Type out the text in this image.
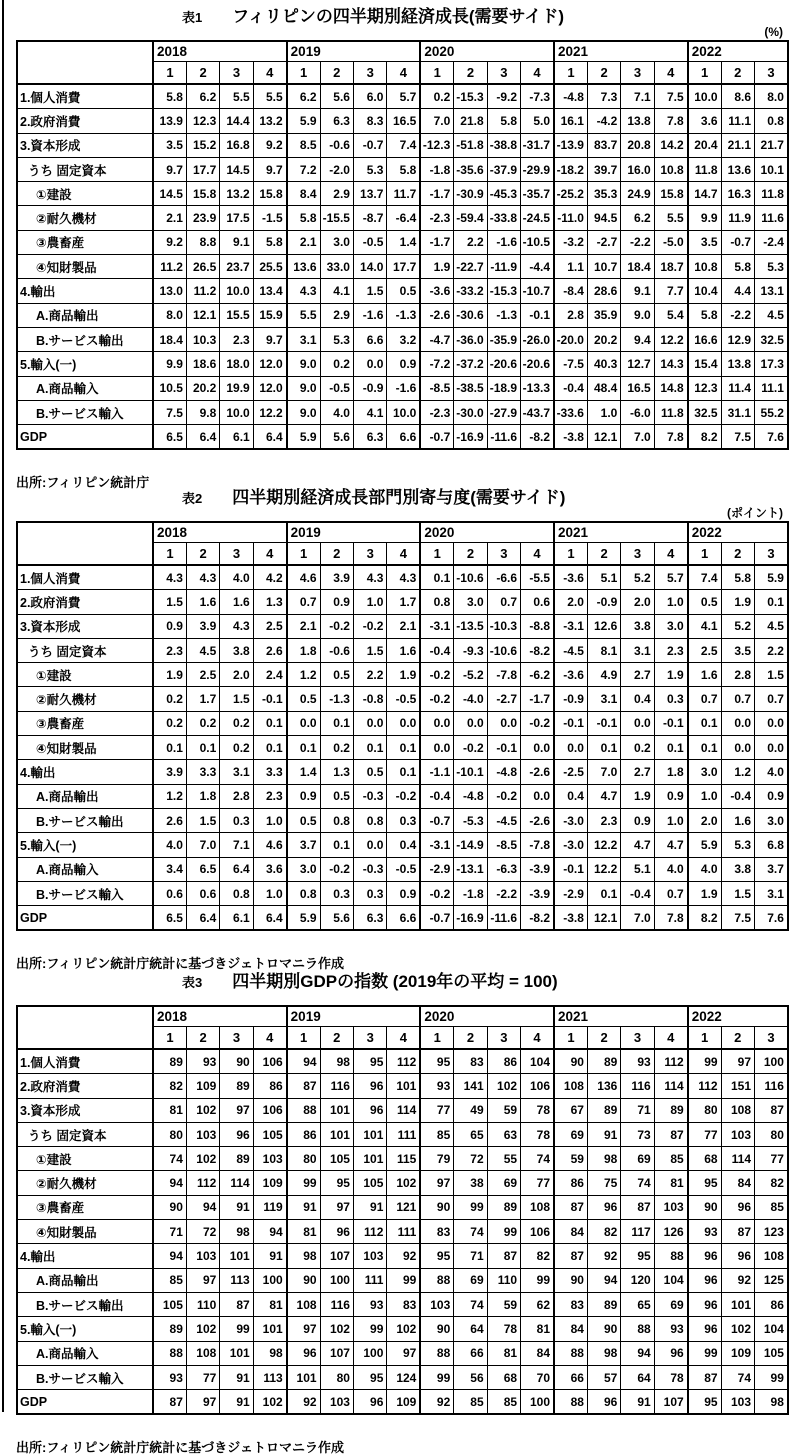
表1 フィリピンの四半期別経済成長(需要サイド)
(%)
	2018				2019				2020				2021				2022		
	1	2	3	4	1	2	3	4	1	2	3	4	1	2	3	4	1	2	3
1.個人消費	5.8	6.2	5.5	5.5	6.2	5.6	6.0	5.7	0.2	-15.3	-9.2	-7.3	-4.8	7.3	7.1	7.5	10.0	8.6	8.0
2.政府消費	13.9	12.3	14.4	13.2	5.9	6.3	8.3	16.5	7.0	21.8	5.8	5.0	16.1	-4.2	13.8	7.8	3.6	11.1	0.8
3.資本形成	3.5	15.2	16.8	9.2	8.5	-0.6	-0.7	7.4	-12.3	-51.8	-38.8	-31.7	-13.9	83.7	20.8	14.2	20.4	21.1	21.7
うち 固定資本	9.7	17.7	14.5	9.7	7.2	-2.0	5.3	5.8	-1.8	-35.6	-37.9	-29.9	-18.2	39.7	16.0	10.8	11.8	13.6	10.1
①建設	14.5	15.8	13.2	15.8	8.4	2.9	13.7	11.7	-1.7	-30.9	-45.3	-35.7	-25.2	35.3	24.9	15.8	14.7	16.3	11.8
②耐久機材	2.1	23.9	17.5	-1.5	5.8	-15.5	-8.7	-6.4	-2.3	-59.4	-33.8	-24.5	-11.0	94.5	6.2	5.5	9.9	11.9	11.6
③農畜産	9.2	8.8	9.1	5.8	2.1	3.0	-0.5	1.4	-1.7	2.2	-1.6	-10.5	-3.2	-2.7	-2.2	-5.0	3.5	-0.7	-2.4
④知財製品	11.2	26.5	23.7	25.5	13.6	33.0	14.0	17.7	1.9	-22.7	-11.9	-4.4	1.1	10.7	18.4	18.7	10.8	5.8	5.3
4.輸出	13.0	11.2	10.0	13.4	4.3	4.1	1.5	0.5	-3.6	-33.2	-15.3	-10.7	-8.4	28.6	9.1	7.7	10.4	4.4	13.1
A.商品輸出	8.0	12.1	15.5	15.9	5.5	2.9	-1.6	-1.3	-2.6	-30.6	-1.3	-0.1	2.8	35.9	9.0	5.4	5.8	-2.2	4.5
B.サービス輸出	18.4	10.3	2.3	9.7	3.1	5.3	6.6	3.2	-4.7	-36.0	-35.9	-26.0	-20.0	20.2	9.4	12.2	16.6	12.9	32.5
5.輸入(一)	9.9	18.6	18.0	12.0	9.0	0.2	0.0	0.9	-7.2	-37.2	-20.6	-20.6	-7.5	40.3	12.7	14.3	15.4	13.8	17.3
A.商品輸入	10.5	20.2	19.9	12.0	9.0	-0.5	-0.9	-1.6	-8.5	-38.5	-18.9	-13.3	-0.4	48.4	16.5	14.8	12.3	11.4	11.1
B.サービス輸入	7.5	9.8	10.0	12.2	9.0	4.0	4.1	10.0	-2.3	-30.0	-27.9	-43.7	-33.6	1.0	-6.0	11.8	32.5	31.1	55.2
GDP	6.5	6.4	6.1	6.4	5.9	5.6	6.3	6.6	-0.7	-16.9	-11.6	-8.2	-3.8	12.1	7.0	7.8	8.2	7.5	7.6
出所:フィリピン統計庁
表2 四半期別経済成長部門別寄与度(需要サイド)
(ポイント)
	2018				2019				2020				2021				2022		
	1	2	3	4	1	2	3	4	1	2	3	4	1	2	3	4	1	2	3
1.個人消費	4.3	4.3	4.0	4.2	4.6	3.9	4.3	4.3	0.1	-10.6	-6.6	-5.5	-3.6	5.1	5.2	5.7	7.4	5.8	5.9
2.政府消費	1.5	1.6	1.6	1.3	0.7	0.9	1.0	1.7	0.8	3.0	0.7	0.6	2.0	-0.9	2.0	1.0	0.5	1.9	0.1
3.資本形成	0.9	3.9	4.3	2.5	2.1	-0.2	-0.2	2.1	-3.1	-13.5	-10.3	-8.8	-3.1	12.6	3.8	3.0	4.1	5.2	4.5
うち 固定資本	2.3	4.5	3.8	2.6	1.8	-0.6	1.5	1.6	-0.4	-9.3	-10.6	-8.2	-4.5	8.1	3.1	2.3	2.5	3.5	2.2
①建設	1.9	2.5	2.0	2.4	1.2	0.5	2.2	1.9	-0.2	-5.2	-7.8	-6.2	-3.6	4.9	2.7	1.9	1.6	2.8	1.5
②耐久機材	0.2	1.7	1.5	-0.1	0.5	-1.3	-0.8	-0.5	-0.2	-4.0	-2.7	-1.7	-0.9	3.1	0.4	0.3	0.7	0.7	0.7
③農畜産	0.2	0.2	0.2	0.1	0.0	0.1	0.0	0.0	0.0	0.0	0.0	-0.2	-0.1	-0.1	0.0	-0.1	0.1	0.0	0.0
④知財製品	0.1	0.1	0.2	0.1	0.1	0.2	0.1	0.1	0.0	-0.2	-0.1	0.0	0.0	0.1	0.2	0.1	0.1	0.0	0.0
4.輸出	3.9	3.3	3.1	3.3	1.4	1.3	0.5	0.1	-1.1	-10.1	-4.8	-2.6	-2.5	7.0	2.7	1.8	3.0	1.2	4.0
A.商品輸出	1.2	1.8	2.8	2.3	0.9	0.5	-0.3	-0.2	-0.4	-4.8	-0.2	0.0	0.4	4.7	1.9	0.9	1.0	-0.4	0.9
B.サービス輸出	2.6	1.5	0.3	1.0	0.5	0.8	0.8	0.3	-0.7	-5.3	-4.5	-2.6	-3.0	2.3	0.9	1.0	2.0	1.6	3.0
5.輸入(一)	4.0	7.0	7.1	4.6	3.7	0.1	0.0	0.4	-3.1	-14.9	-8.5	-7.8	-3.0	12.2	4.7	4.7	5.9	5.3	6.8
A.商品輸入	3.4	6.5	6.4	3.6	3.0	-0.2	-0.3	-0.5	-2.9	-13.1	-6.3	-3.9	-0.1	12.2	5.1	4.0	4.0	3.8	3.7
B.サービス輸入	0.6	0.6	0.8	1.0	0.8	0.3	0.3	0.9	-0.2	-1.8	-2.2	-3.9	-2.9	0.1	-0.4	0.7	1.9	1.5	3.1
GDP	6.5	6.4	6.1	6.4	5.9	5.6	6.3	6.6	-0.7	-16.9	-11.6	-8.2	-3.8	12.1	7.0	7.8	8.2	7.5	7.6
出所:フィリピン統計庁統計に基づきジェトロマニラ作成
表3 四半期別GDPの指数 (2019年の平均 = 100)
	2018				2019				2020				2021				2022		
	1	2	3	4	1	2	3	4	1	2	3	4	1	2	3	4	1	2	3
1.個人消費	89	93	90	106	94	98	95	112	95	83	86	104	90	89	93	112	99	97	100
2.政府消費	82	109	89	86	87	116	96	101	93	141	102	106	108	136	116	114	112	151	116
3.資本形成	81	102	97	106	88	101	96	114	77	49	59	78	67	89	71	89	80	108	87
うち 固定資本	80	103	96	105	86	101	101	111	85	65	63	78	69	91	73	87	77	103	80
①建設	74	102	89	103	80	105	101	115	79	72	55	74	59	98	69	85	68	114	77
②耐久機材	94	112	114	109	99	95	105	102	97	38	69	77	86	75	74	81	95	84	82
③農畜産	90	94	91	119	91	97	91	121	90	99	89	108	87	96	87	103	90	96	85
④知財製品	71	72	98	94	81	96	112	111	83	74	99	106	84	82	117	126	93	87	123
4.輸出	94	103	101	91	98	107	103	92	95	71	87	82	87	92	95	88	96	96	108
A.商品輸出	85	97	113	100	90	100	111	99	88	69	110	99	90	94	120	104	96	92	125
B.サービス輸出	105	110	87	81	108	116	93	83	103	74	59	62	83	89	65	69	96	101	86
5.輸入(一)	89	102	99	101	97	102	99	102	90	64	78	81	84	90	88	93	96	102	104
A.商品輸入	88	108	101	98	96	107	100	97	88	66	81	84	88	98	94	96	99	109	105
B.サービス輸入	93	77	91	113	101	80	95	124	99	56	68	70	66	57	64	78	87	74	99
GDP	87	97	91	102	92	103	96	109	92	85	85	100	88	96	91	107	95	103	98
出所:フィリピン統計庁統計に基づきジェトロマニラ作成
